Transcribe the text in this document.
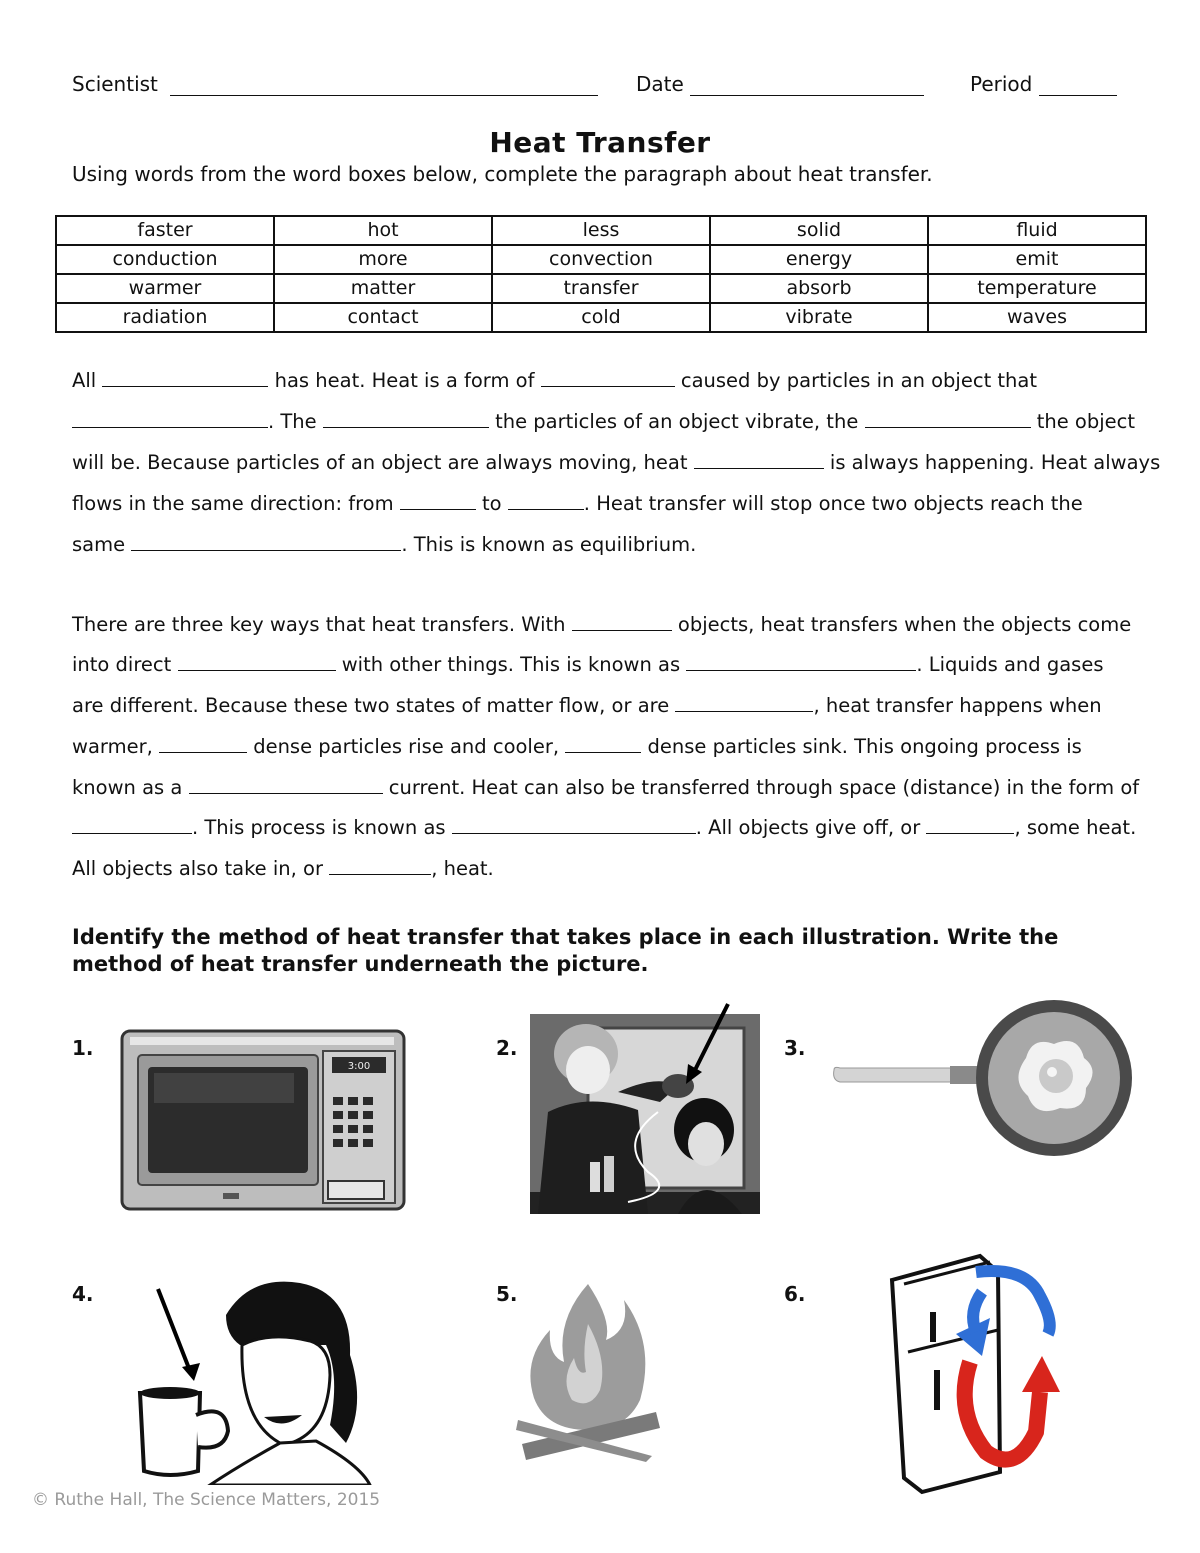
Scientist	Date	Period
Heat Transfer
Using words from the word boxes below, complete the paragraph about heat transfer.
faster	hot	less	solid	fluid
conduction	more	convection	energy	emit
warmer	matter	transfer	absorb	temperature
radiation	contact	cold	vibrate	waves
All	has heat. Heat is a form of	caused by particles in an object that
. The	the particles of an object vibrate, the	the object
will be. Because particles of an object are always moving, heat	is always happening. Heat always
flows in the same direction: from	to	. Heat transfer will stop once two objects reach the
same	. This is known as equilibrium.
There are three key ways that heat transfers. With	objects, heat transfers when the objects come
into direct	with other things. This is known as	. Liquids and gases
are different. Because these two states of matter flow, or are	, heat transfer happens when
warmer,	dense particles rise and cooler,	dense particles sink. This ongoing process is
known as a	current. Heat can also be transferred through space (distance) in the form of
. This process is known as	. All objects give off, or	, some heat.
All objects also take in, or	, heat.
Identify the method of heat transfer that takes place in each illustration. Write the method of heat transfer underneath the picture.
1.
3:00
2.	3.
4.	5.	6.
© Ruthe Hall, The Science Matters, 2015
